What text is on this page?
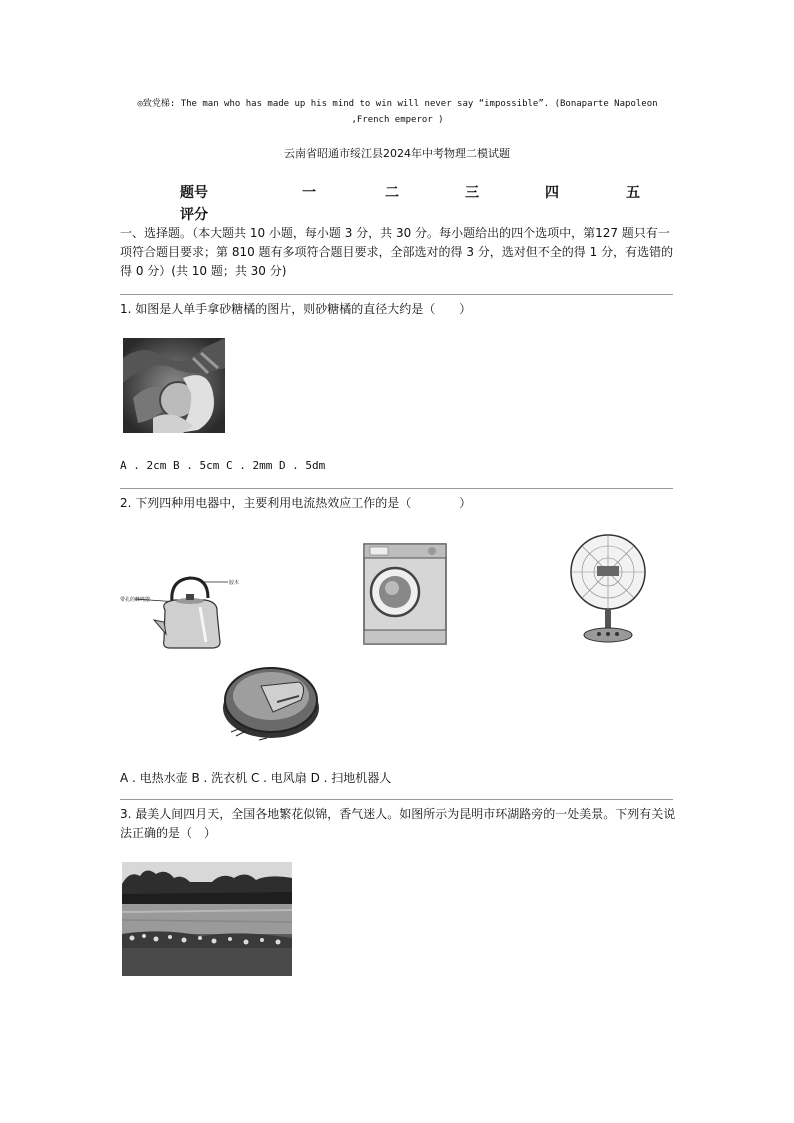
◎致党梯: The man who has made up his mind to win will never say “impossible”. (Bonaparte Napoleon ,French emperor )
云南省昭通市绥江县2024年中考物理二模试题
题号	一	二	三	四	五
评分
一、选择题。（本大题共 10 小题，每小题 3 分，共 30 分。每小题给出的四个选项中，第127 题只有一项符合题目要求；第 810 题有多项符合题目要求，全部选对的得 3 分，选对但不全的得 1 分，有选错的得 0 分）(共 10 题；共 30 分)
1. 如图是人单手拿砂糖橘的图片，则砂糖橘的直径大约是（　　）
A . 2cm B . 5cm C . 2mm D . 5dm
2. 下列四种用电器中，主要利用电流热效应工作的是（　　　　）
胶木
带孔的蜂鸣器
A . 电热水壶 B . 洗衣机 C . 电风扇 D . 扫地机器人
3. 最美人间四月天，全国各地繁花似锦，香气迷人。如图所示为昆明市环湖路旁的一处美景。下列有关说法正确的是（　）
